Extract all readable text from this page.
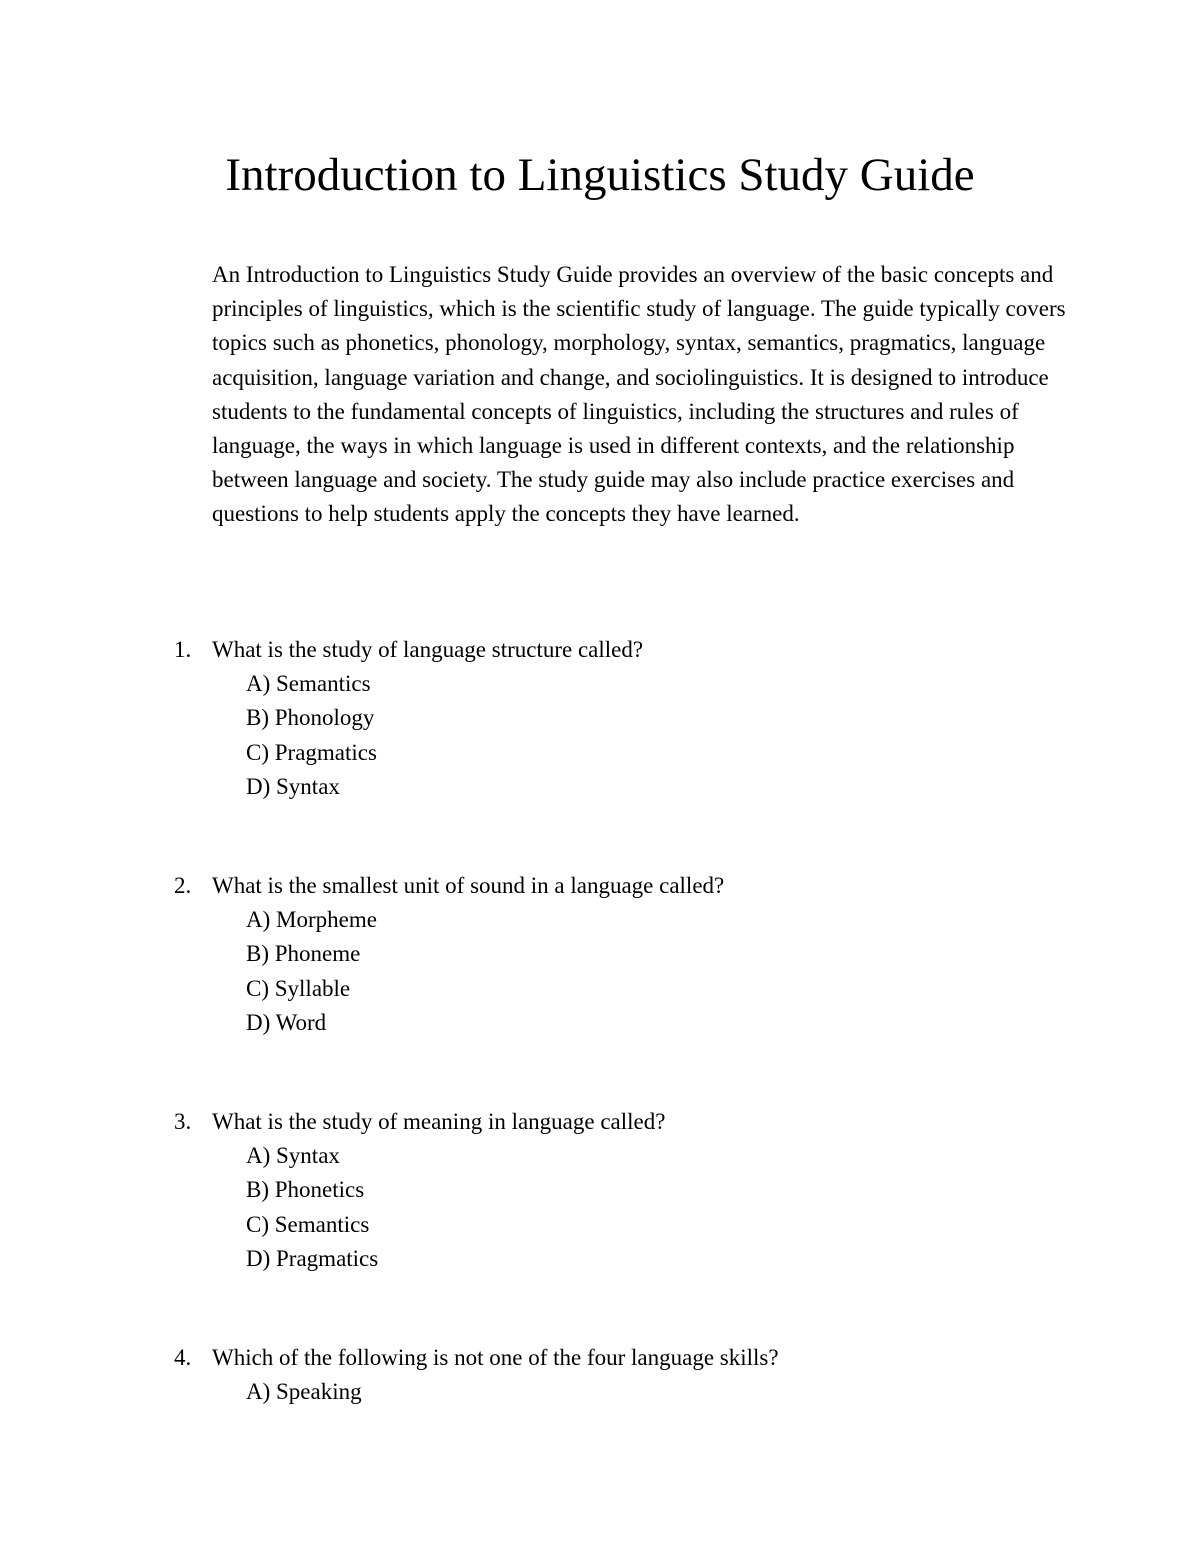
Introduction to Linguistics Study Guide

An Introduction to Linguistics Study Guide provides an overview of the basic concepts and principles of linguistics, which is the scientific study of language. The guide typically covers topics such as phonetics, phonology, morphology, syntax, semantics, pragmatics, language acquisition, language variation and change, and sociolinguistics. It is designed to introduce students to the fundamental concepts of linguistics, including the structures and rules of language, the ways in which language is used in different contexts, and the relationship between language and society. The study guide may also include practice exercises and questions to help students apply the concepts they have learned.

1. What is the study of language structure called?
A) Semantics
B) Phonology
C) Pragmatics
D) Syntax
2. What is the smallest unit of sound in a language called?
A) Morpheme
B) Phoneme
C) Syllable
D) Word
3. What is the study of meaning in language called?
A) Syntax
B) Phonetics
C) Semantics
D) Pragmatics
4. Which of the following is not one of the four language skills?
A) Speaking
